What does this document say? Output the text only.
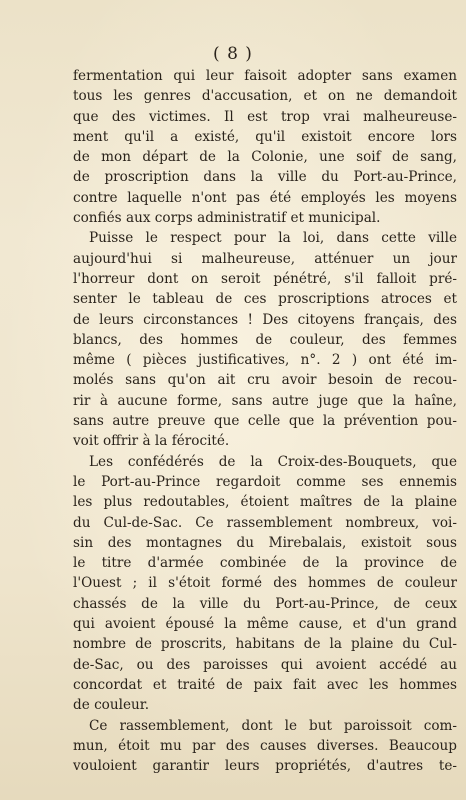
( 8 )
fermentation qui leur faisoit adopter sans examen
tous les genres d'accusation, et on ne demandoit
que des victimes. Il est trop vrai malheureuse-
ment qu'il a existé, qu'il existoit encore lors
de mon départ de la Colonie, une soif de sang,
de proscription dans la ville du Port-au-Prince,
contre laquelle n'ont pas été employés les moyens
confiés aux corps administratif et municipal.
Puisse le respect pour la loi, dans cette ville
aujourd'hui si malheureuse, atténuer un jour
l'horreur dont on seroit pénétré, s'il falloit pré-
senter le tableau de ces proscriptions atroces et
de leurs circonstances ! Des citoyens français, des
blancs, des hommes de couleur, des femmes
même ( pièces justificatives, n°. 2 ) ont été im-
molés sans qu'on ait cru avoir besoin de recou-
rir à aucune forme, sans autre juge que la haîne,
sans autre preuve que celle que la prévention pou-
voit offrir à la férocité.
Les confédérés de la Croix-des-Bouquets, que
le Port-au-Prince regardoit comme ses ennemis
les plus redoutables, étoient maîtres de la plaine
du Cul-de-Sac. Ce rassemblement nombreux, voi-
sin des montagnes du Mirebalais, existoit sous
le titre d'armée combinée de la province de
l'Ouest ; il s'étoit formé des hommes de couleur
chassés de la ville du Port-au-Prince, de ceux
qui avoient épousé la même cause, et d'un grand
nombre de proscrits, habitans de la plaine du Cul-
de-Sac, ou des paroisses qui avoient accédé au
concordat et traité de paix fait avec les hommes
de couleur.
Ce rassemblement, dont le but paroissoit com-
mun, étoit mu par des causes diverses. Beaucoup
vouloient garantir leurs propriétés, d'autres te-
